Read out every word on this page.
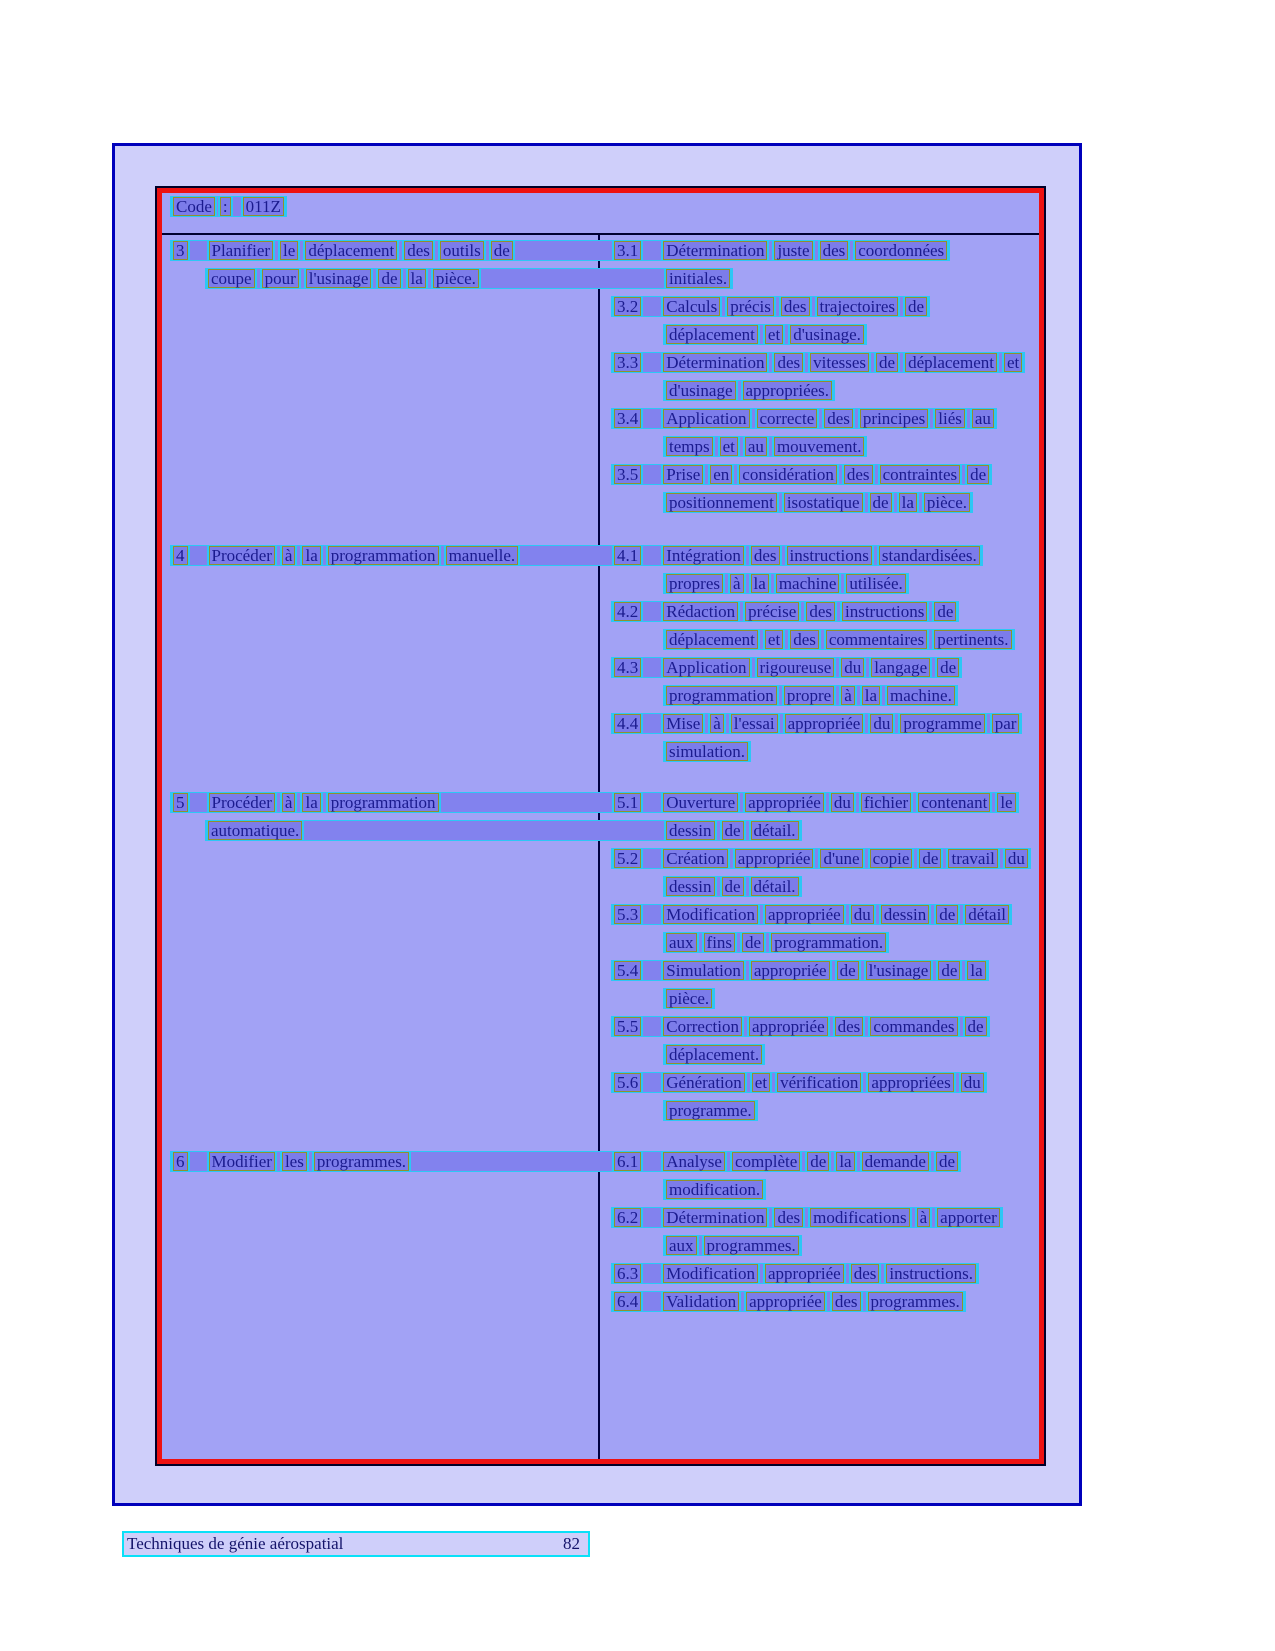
Code : 011Z
3 Planifier le déplacement des outils de	3.1 Détermination juste des coordonnées
coupe pour l'usinage de la pièce.	initiales.
3.2 Calculs précis des trajectoires de
déplacement et d'usinage.
3.3 Détermination des vitesses de déplacement et
d'usinage appropriées.
3.4 Application correcte des principes liés au
temps et au mouvement.
3.5 Prise en considération des contraintes de
positionnement isostatique de la pièce.
4 Procéder à la programmation manuelle.	4.1 Intégration des instructions standardisées.
propres à la machine utilisée.
4.2 Rédaction précise des instructions de
déplacement et des commentaires pertinents.
4.3 Application rigoureuse du langage de
programmation propre à la machine.
4.4 Mise à l'essai appropriée du programme par
simulation.
5 Procéder à la programmation	5.1 Ouverture appropriée du fichier contenant le
automatique.	dessin de détail.
5.2 Création appropriée d'une copie de travail du
dessin de détail.
5.3 Modification appropriée du dessin de détail
aux fins de programmation.
5.4 Simulation appropriée de l'usinage de la
pièce.
5.5 Correction appropriée des commandes de
déplacement.
5.6 Génération et vérification appropriées du
programme.
6 Modifier les programmes.	6.1 Analyse complète de la demande de
modification.
6.2 Détermination des modifications à apporter
aux programmes.
6.3 Modification appropriée des instructions.
6.4 Validation appropriée des programmes.
Techniques de génie aérospatial	82
